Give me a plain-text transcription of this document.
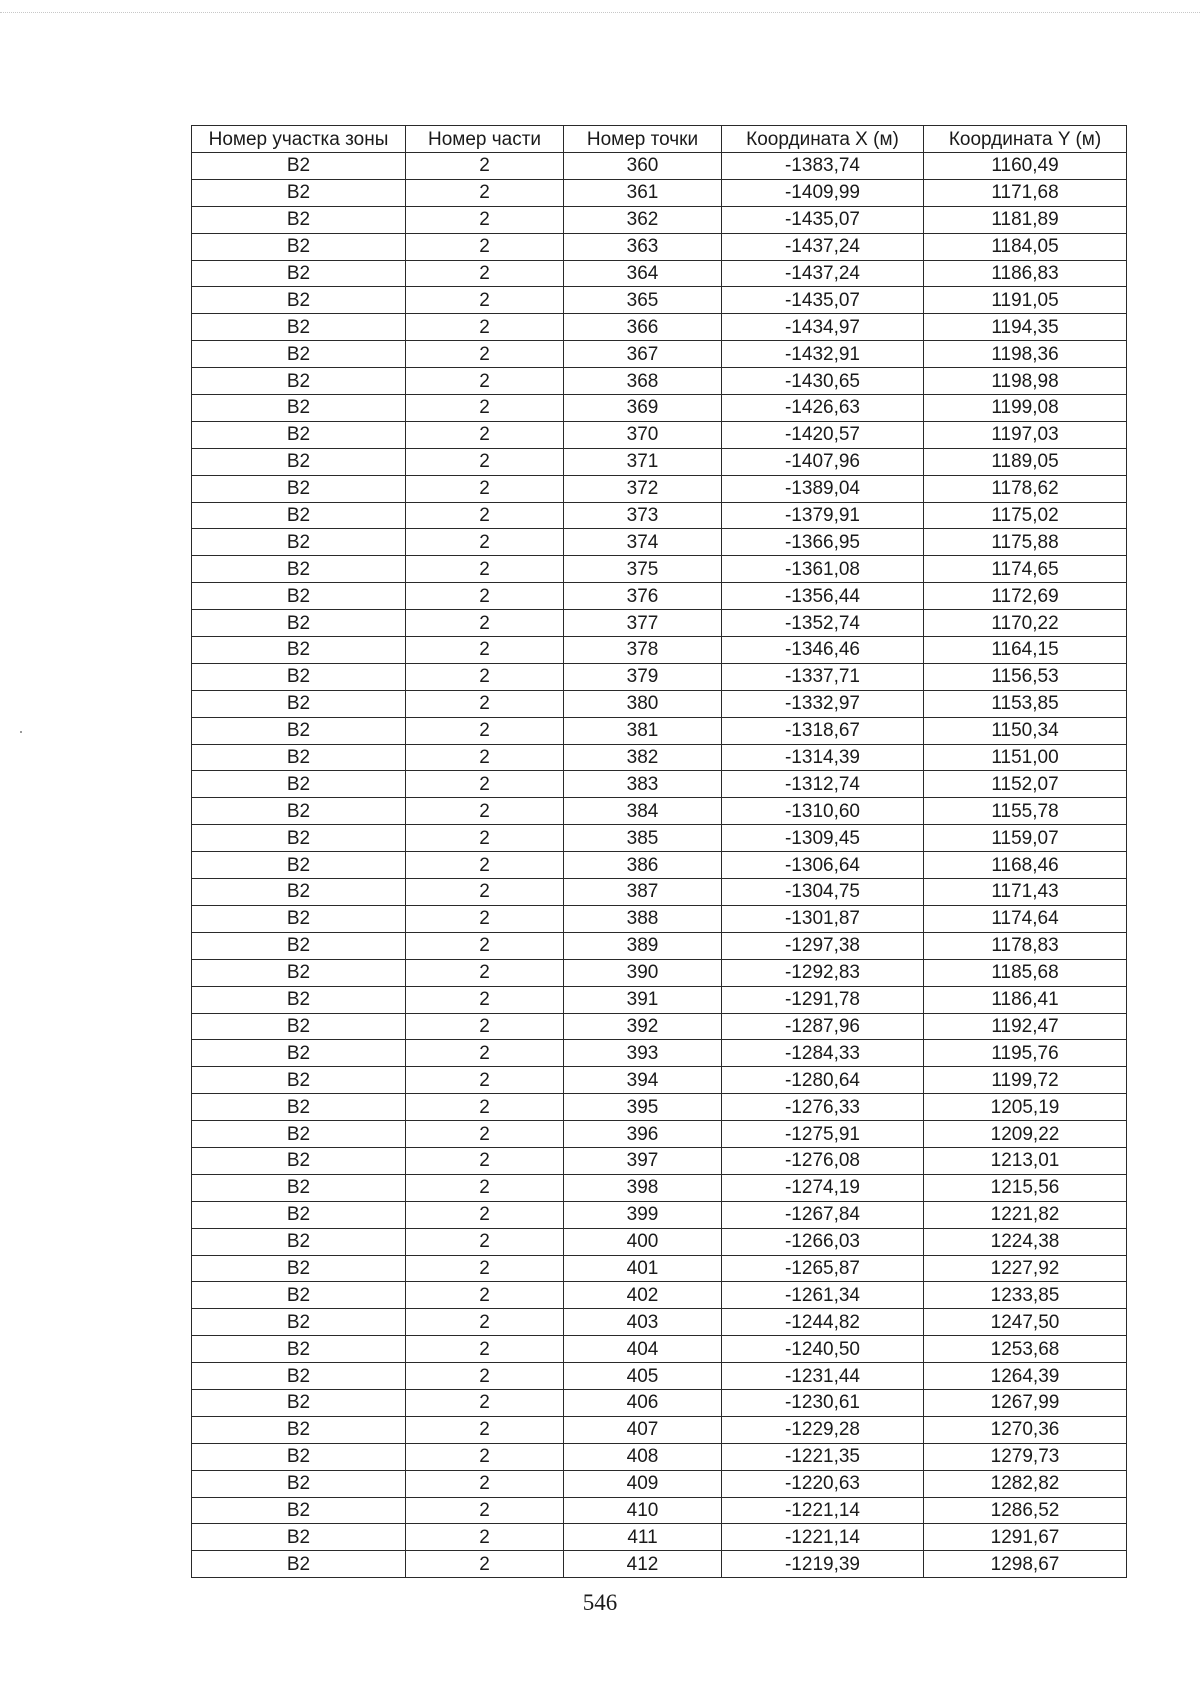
Номер участка зоны	Номер части	Номер точки	Координата X (м)	Координата Y (м)
В2	2	360	-1383,74	1160,49
В2	2	361	-1409,99	1171,68
В2	2	362	-1435,07	1181,89
В2	2	363	-1437,24	1184,05
В2	2	364	-1437,24	1186,83
В2	2	365	-1435,07	1191,05
В2	2	366	-1434,97	1194,35
В2	2	367	-1432,91	1198,36
В2	2	368	-1430,65	1198,98
В2	2	369	-1426,63	1199,08
В2	2	370	-1420,57	1197,03
В2	2	371	-1407,96	1189,05
В2	2	372	-1389,04	1178,62
В2	2	373	-1379,91	1175,02
В2	2	374	-1366,95	1175,88
В2	2	375	-1361,08	1174,65
В2	2	376	-1356,44	1172,69
В2	2	377	-1352,74	1170,22
В2	2	378	-1346,46	1164,15
В2	2	379	-1337,71	1156,53
В2	2	380	-1332,97	1153,85
В2	2	381	-1318,67	1150,34
В2	2	382	-1314,39	1151,00
В2	2	383	-1312,74	1152,07
В2	2	384	-1310,60	1155,78
В2	2	385	-1309,45	1159,07
В2	2	386	-1306,64	1168,46
В2	2	387	-1304,75	1171,43
В2	2	388	-1301,87	1174,64
В2	2	389	-1297,38	1178,83
В2	2	390	-1292,83	1185,68
В2	2	391	-1291,78	1186,41
В2	2	392	-1287,96	1192,47
В2	2	393	-1284,33	1195,76
В2	2	394	-1280,64	1199,72
В2	2	395	-1276,33	1205,19
В2	2	396	-1275,91	1209,22
В2	2	397	-1276,08	1213,01
В2	2	398	-1274,19	1215,56
В2	2	399	-1267,84	1221,82
В2	2	400	-1266,03	1224,38
В2	2	401	-1265,87	1227,92
В2	2	402	-1261,34	1233,85
В2	2	403	-1244,82	1247,50
В2	2	404	-1240,50	1253,68
В2	2	405	-1231,44	1264,39
В2	2	406	-1230,61	1267,99
В2	2	407	-1229,28	1270,36
В2	2	408	-1221,35	1279,73
В2	2	409	-1220,63	1282,82
В2	2	410	-1221,14	1286,52
В2	2	411	-1221,14	1291,67
В2	2	412	-1219,39	1298,67
546
